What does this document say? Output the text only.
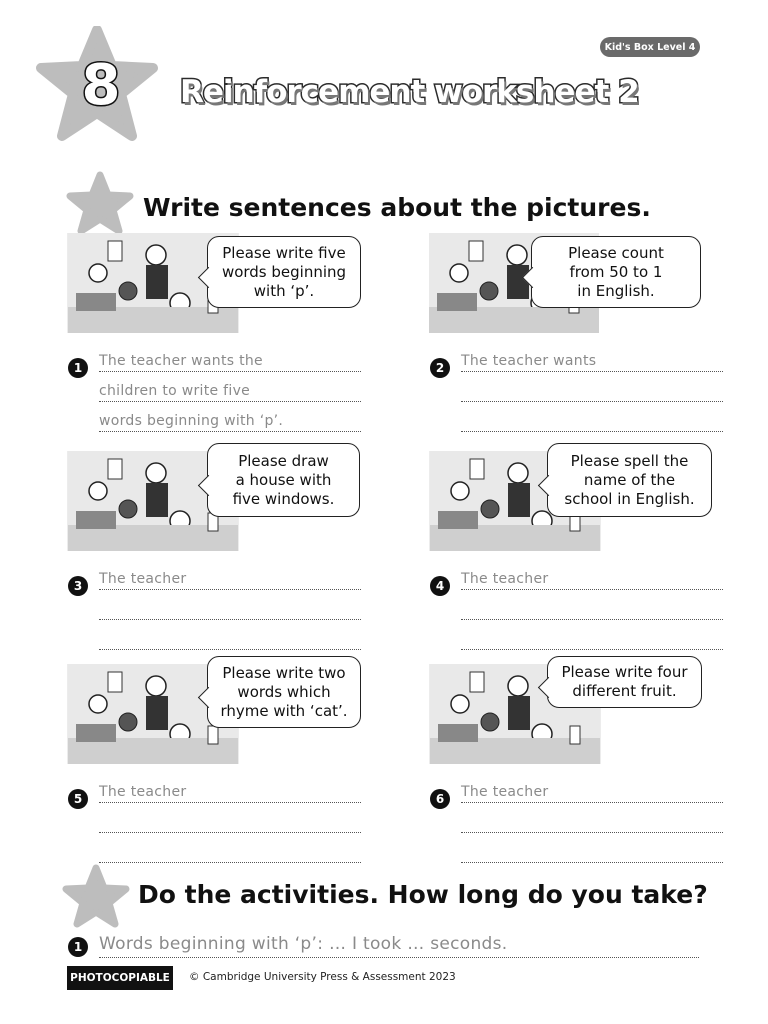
8
Kid's Box Level 4
Reinforcement worksheet 2
Write sentences about the pictures.
Please write five
words beginning
with ‘p’.
1	The teacher wants the
children to write five
words beginning with ‘p’.
Please count
from 50 to 1
in English.
2	The teacher wants
Please draw
a house with
five windows.
3	The teacher
Please spell the
name of the
school in English.
4	The teacher
Please write two
words which
rhyme with ‘cat’.
5	The teacher
Please write four
different fruit.
6	The teacher
Do the activities. How long do you take?
1 Words beginning with ‘p’: … I took … seconds.
PHOTOCOPIABLE © Cambridge University Press & Assessment 2023
